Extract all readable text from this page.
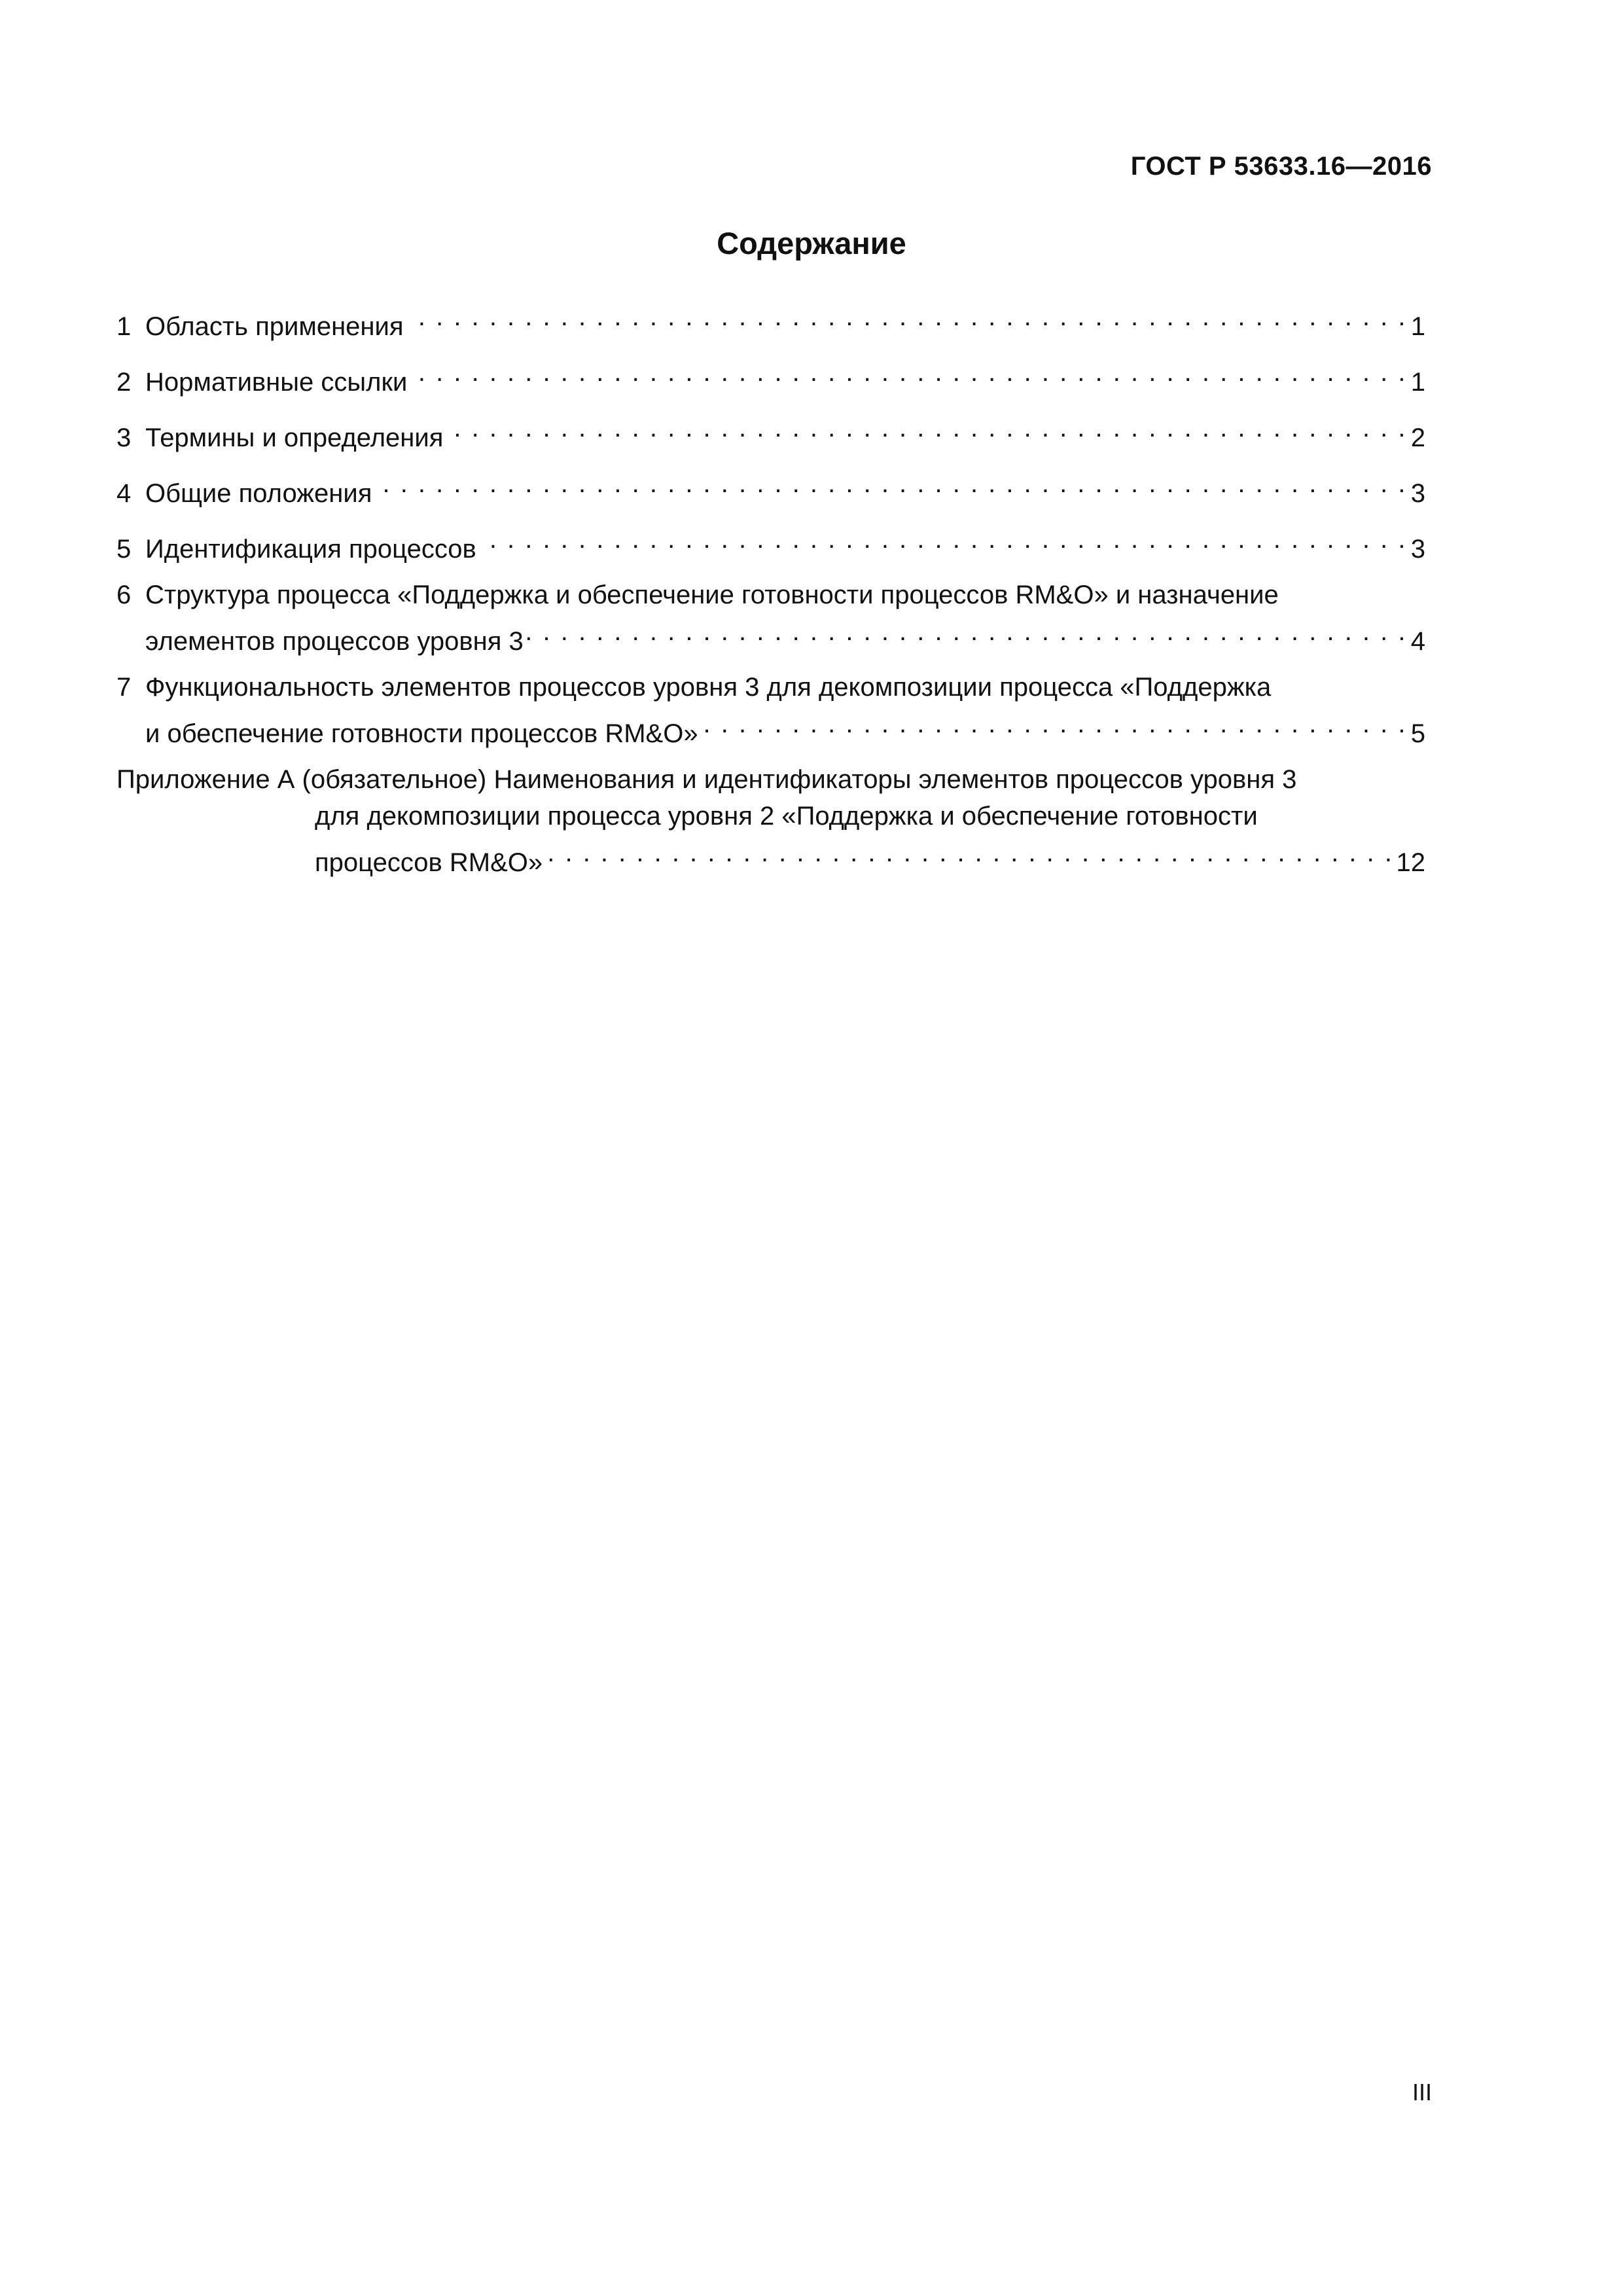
ГОСТ Р 53633.16—2016
Содержание
1 Область применения . . .	1
2 Нормативные ссылки . . .	1
3 Термины и определения . . .	2
4 Общие положения . . .	3
5 Идентификация процессов . . .	3
6 Структура процесса «Поддержка и обеспечение готовности процессов RM&O» и назначение
элементов процессов уровня 3 . . .	4
7 Функциональность элементов процессов уровня 3 для декомпозиции процесса «Поддержка
и обеспечение готовности процессов RM&O» . . .	5
Приложение А (обязательное) Наименования и идентификаторы элементов процессов уровня 3
для декомпозиции процесса уровня 2 «Поддержка и обеспечение готовности
процессов RM&O» . . .	12
III
